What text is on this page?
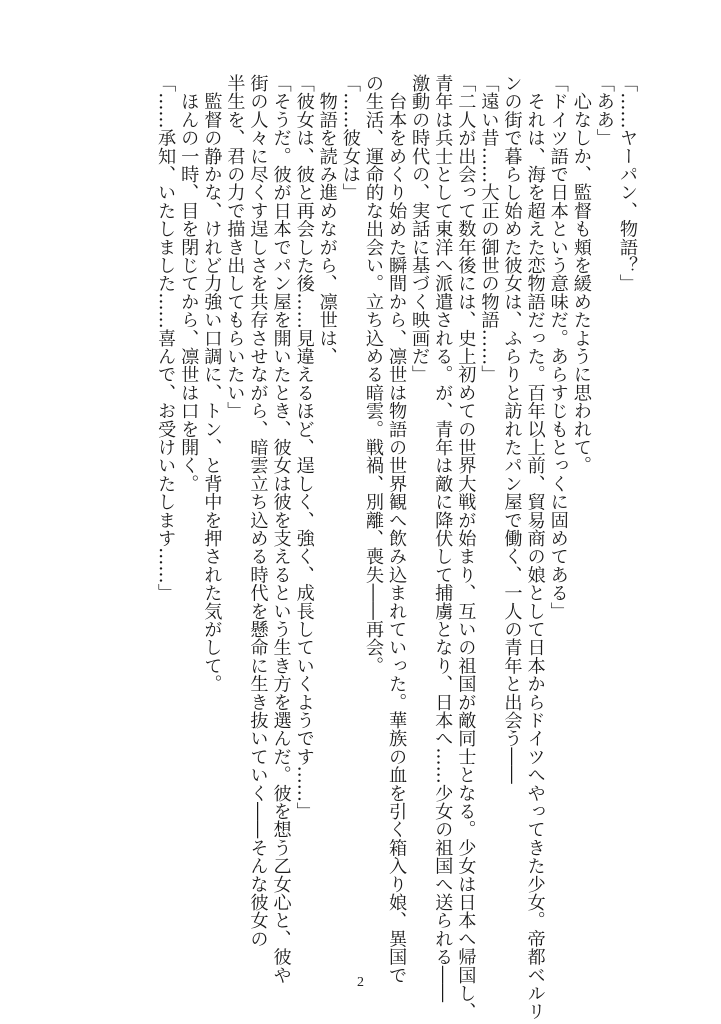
「……ヤーパン、物語？」
「ああ」
　心なしか、監督も頬を緩めたように思われて。
「ドイツ語で日本という意味だ。あらすじもとっくに固めてある」
　それは、海を超えた恋物語だった。百年以上前、貿易商の娘として日本からドイツへやってきた少女。帝都ベルリ
ンの街で暮らし始めた彼女は、ふらりと訪れたパン屋で働く、一人の青年と出会う――
「遠い昔……大正の御世の物語……」
「二人が出会って数年後には、史上初めての世界大戦が始まり、互いの祖国が敵同士となる。少女は日本へ帰国し、
青年は兵士として東洋へ派遣される。が、青年は敵に降伏して捕虜となり、日本へ……少女の祖国へ送られる――
激動の時代の、実話に基づく映画だ」
　台本をめくり始めた瞬間から、凛世は物語の世界観へ飲み込まれていった。華族の血を引く箱入り娘、異国で
の生活、運命的な出会い。立ち込める暗雲。戦禍、別離、喪失――再会。
「……彼女は」
　物語を読み進めながら、凛世は、
「彼女は、彼と再会した後……見違えるほど、逞しく、強く、成長していくようです……」
「そうだ。彼が日本でパン屋を開いたとき、彼女は彼を支えるという生き方を選んだ。彼を想う乙女心と、彼や
街の人々に尽くす逞しさを共存させながら、暗雲立ち込める時代を懸命に生き抜いていく――そんな彼女の
半生を、君の力で描き出してもらいたい」
　監督の静かな、けれど力強い口調に、トン、と背中を押された気がして。
　ほんの一時、目を閉じてから、凛世は口を開く。
「……承知、いたしました……喜んで、お受けいたします……」
2
